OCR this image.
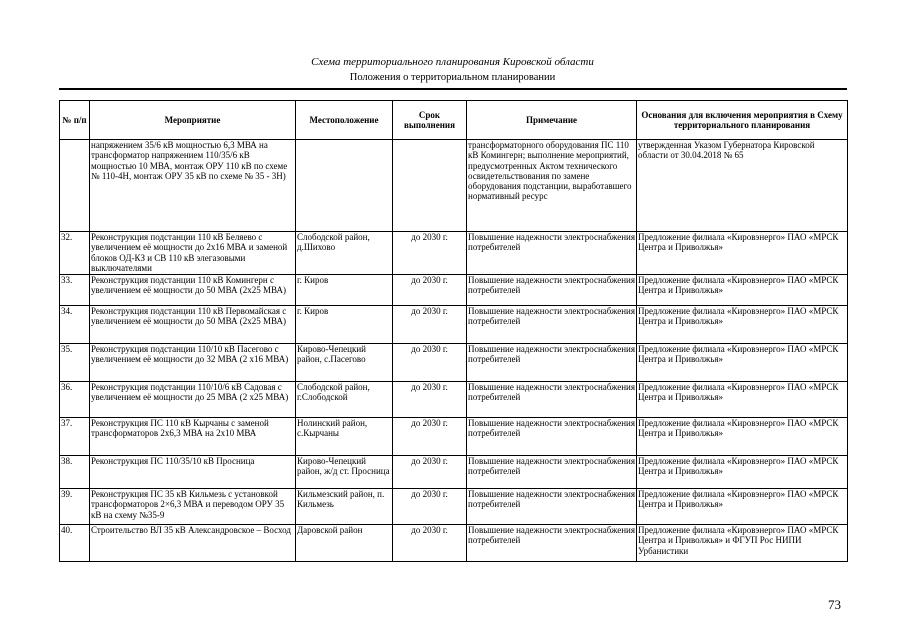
Схема территориального планирования Кировской области
Положения о территориальном планировании
№ п/п	Мероприятие	Местоположение	Срок выполнения	Примечание	Основания для включения мероприятия в Схему территориального планирования
	напряжением 35/6 кВ мощностью 6,3 МВА на трансформатор напряжением 110/35/6 кВ мощностью 10 МВА, монтаж ОРУ 110 кВ по схеме № 110-4Н, монтаж ОРУ 35 кВ по схеме № 35 - 3Н)			трансформаторного оборудования ПС 110 кВ Комингерн; выполнение мероприятий, предусмотренных Актом технического освидетельствования по замене оборудования подстанции, выработавшего нормативный ресурс	утвержденная Указом Губернатора Кировской области от 30.04.2018 № 65
32.	Реконструкция подстанции 110 кВ Беляево с увеличением её мощности до 2х16 МВА и заменой блоков ОД-КЗ и СВ 110 кВ элегазовыми выключателями	Слободской район, д.Шихово	до 2030 г.	Повышение надежности электроснабжения потребителей	Предложение филиала «Кировэнерго» ПАО «МРСК Центра и Приволжья»
33.	Реконструкция подстанции 110 кВ Комингерн с увеличением её мощности до 50 МВА (2х25 МВА)	г. Киров	до 2030 г.	Повышение надежности электроснабжения потребителей	Предложение филиала «Кировэнерго» ПАО «МРСК Центра и Приволжья»
34.	Реконструкция подстанции 110 кВ Первомайская с увеличением её мощности до 50 МВА (2х25 МВА)	г. Киров	до 2030 г.	Повышение надежности электроснабжения потребителей	Предложение филиала «Кировэнерго» ПАО «МРСК Центра и Приволжья»
35.	Реконструкция подстанции 110/10 кВ Пасегово с увеличением её мощности до 32 МВА (2 х16 МВА)	Кирово-Чепецкий район, с.Пасегово	до 2030 г.	Повышение надежности электроснабжения потребителей	Предложение филиала «Кировэнерго» ПАО «МРСК Центра и Приволжья»
36.	Реконструкция подстанции 110/10/6 кВ Садовая с увеличением её мощности до 25 МВА (2 х25 МВА)	Слободской район, г.Слободской	до 2030 г.	Повышение надежности электроснабжения потребителей	Предложение филиала «Кировэнерго» ПАО «МРСК Центра и Приволжья»
37.	Реконструкция ПС 110 кВ Кырчаны с заменой трансформаторов 2х6,3 МВА на 2х10 МВА	Нолинский район, с.Кырчаны	до 2030 г.	Повышение надежности электроснабжения потребителей	Предложение филиала «Кировэнерго» ПАО «МРСК Центра и Приволжья»
38.	Реконструкция ПС 110/35/10 кВ Просница	Кирово-Чепецкий район, ж/д ст. Просница	до 2030 г.	Повышение надежности электроснабжения потребителей	Предложение филиала «Кировэнерго» ПАО «МРСК Центра и Приволжья»
39.	Реконструкция ПС 35 кВ Кильмезь с установкой трансформаторов 2×6,3 МВА и переводом ОРУ 35 кВ на схему №35-9	Кильмезский район, п. Кильмезь	до 2030 г.	Повышение надежности электроснабжения потребителей	Предложение филиала «Кировэнерго» ПАО «МРСК Центра и Приволжья»
40.	Строительство ВЛ 35 кВ Александровское – Восход	Даровской район	до 2030 г.	Повышение надежности электроснабжения потребителей	Предложение филиала «Кировэнерго» ПАО «МРСК Центра и Приволжья» и ФГУП Рос НИПИ Урбанистики
73
